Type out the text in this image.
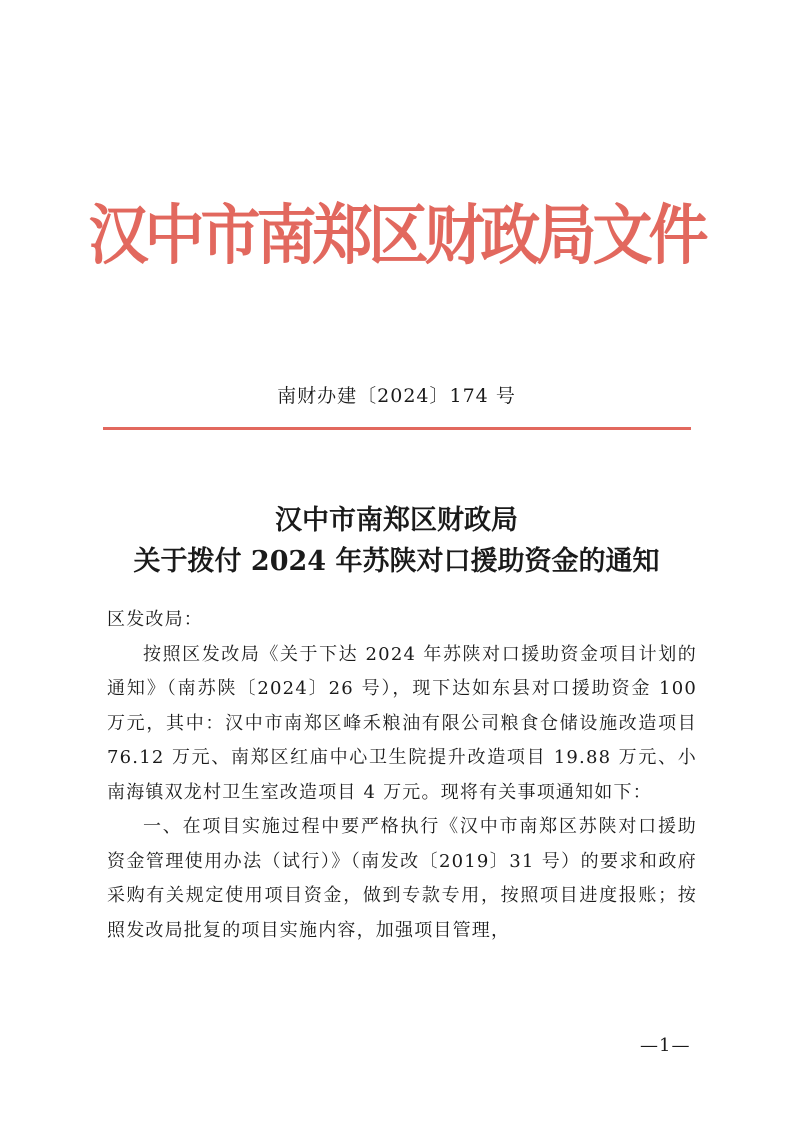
汉中市南郑区财政局文件
南财办建〔2024〕174 号
汉中市南郑区财政局
关于拨付 2024 年苏陕对口援助资金的通知

区发改局：

按照区发改局《关于下达 2024 年苏陕对口援助资金项目计划的通知》（南苏陕〔2024〕26 号），现下达如东县对口援助资金 100 万元，其中：汉中市南郑区峰禾粮油有限公司粮食仓储设施改造项目 76.12 万元、南郑区红庙中心卫生院提升改造项目 19.88 万元、小南海镇双龙村卫生室改造项目 4 万元。现将有关事项通知如下：

一、在项目实施过程中要严格执行《汉中市南郑区苏陕对口援助资金管理使用办法（试行）》（南发改〔2019〕31 号）的要求和政府采购有关规定使用项目资金，做到专款专用，按照项目进度报账；按照发改局批复的项目实施内容，加强项目管理，

—1—
